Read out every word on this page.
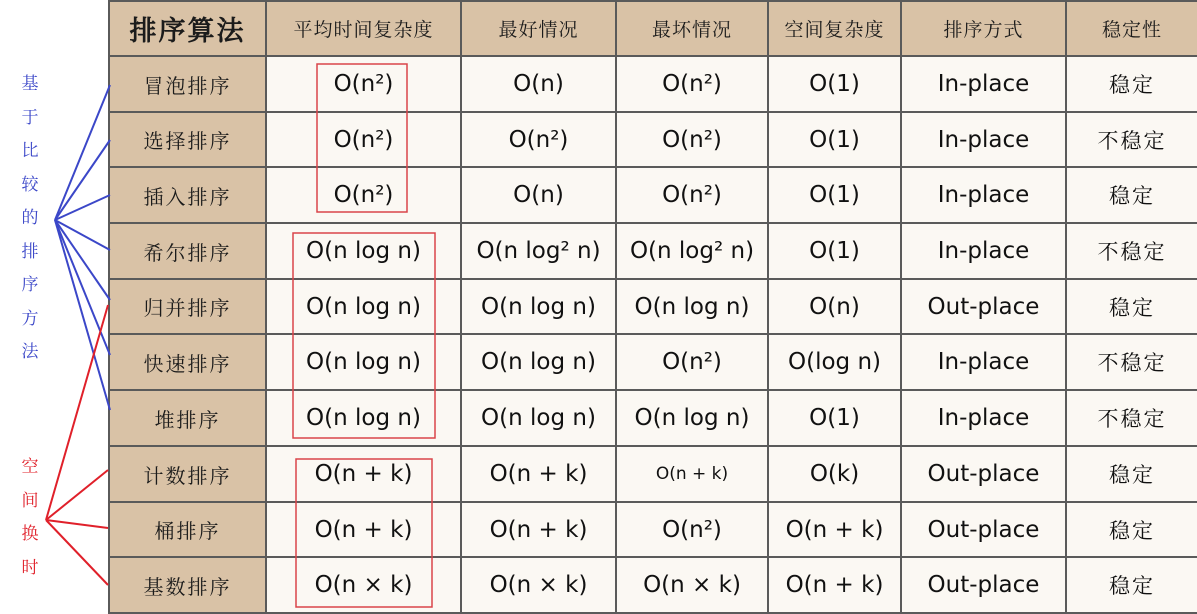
排序算法	平均时间复杂度	最好情况	最坏情况	空间复杂度	排序方式	稳定性
冒泡排序	O(n²)	O(n)	O(n²)	O(1)	In-place	稳定
选择排序	O(n²)	O(n²)	O(n²)	O(1)	In-place	不稳定
插入排序	O(n²)	O(n)	O(n²)	O(1)	In-place	稳定
希尔排序	O(n log n)	O(n log² n)	O(n log² n)	O(1)	In-place	不稳定
归并排序	O(n log n)	O(n log n)	O(n log n)	O(n)	Out-place	稳定
快速排序	O(n log n)	O(n log n)	O(n²)	O(log n)	In-place	不稳定
堆排序	O(n log n)	O(n log n)	O(n log n)	O(1)	In-place	不稳定
计数排序	O(n + k)	O(n + k)	O(n + k)	O(k)	Out-place	稳定
桶排序	O(n + k)	O(n + k)	O(n²)	O(n + k)	Out-place	稳定
基数排序	O(n × k)	O(n × k)	O(n × k)	O(n + k)	Out-place	稳定
基
于
比
较
的
排
序
方
法
空
间
换
时
